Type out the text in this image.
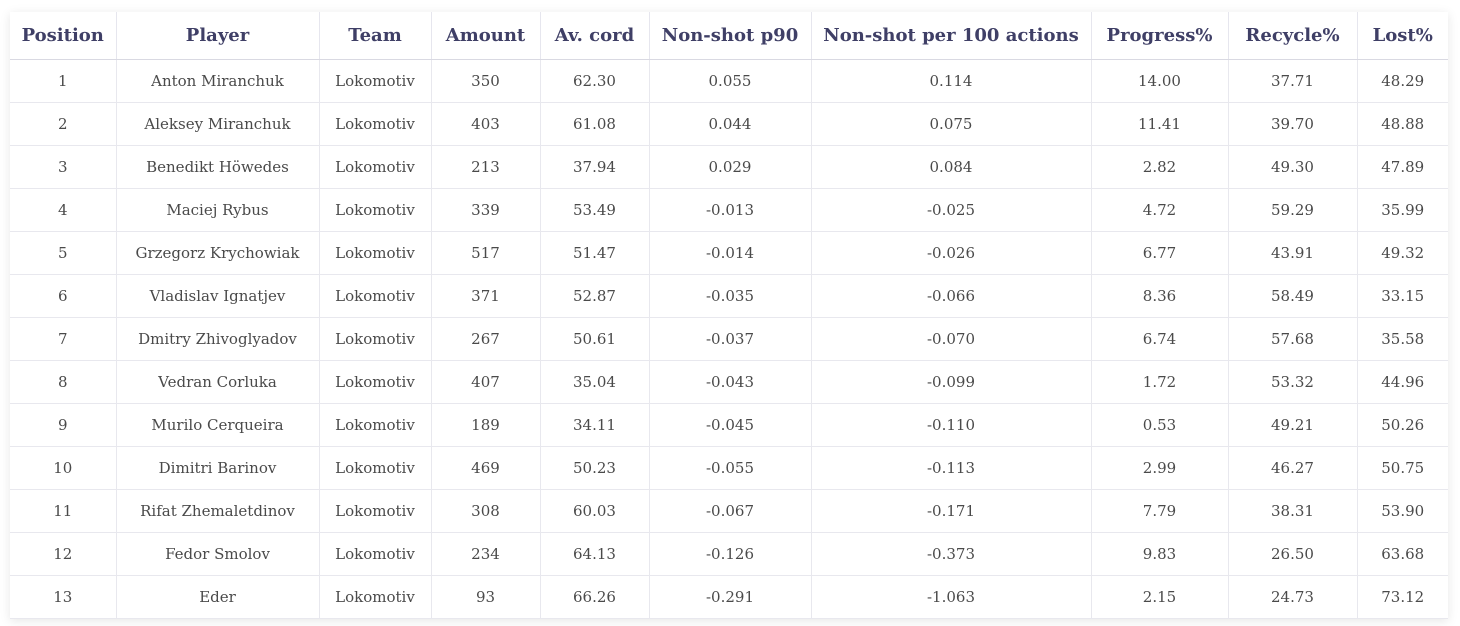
Position	Player	Team	Amount	Av. cord	Non-shot p90	Non-shot per 100 actions	Progress%	Recycle%	Lost%
1	Anton Miranchuk	Lokomotiv	350	62.30	0.055	0.114	14.00	37.71	48.29
2	Aleksey Miranchuk	Lokomotiv	403	61.08	0.044	0.075	11.41	39.70	48.88
3	Benedikt Höwedes	Lokomotiv	213	37.94	0.029	0.084	2.82	49.30	47.89
4	Maciej Rybus	Lokomotiv	339	53.49	-0.013	-0.025	4.72	59.29	35.99
5	Grzegorz Krychowiak	Lokomotiv	517	51.47	-0.014	-0.026	6.77	43.91	49.32
6	Vladislav Ignatjev	Lokomotiv	371	52.87	-0.035	-0.066	8.36	58.49	33.15
7	Dmitry Zhivoglyadov	Lokomotiv	267	50.61	-0.037	-0.070	6.74	57.68	35.58
8	Vedran Corluka	Lokomotiv	407	35.04	-0.043	-0.099	1.72	53.32	44.96
9	Murilo Cerqueira	Lokomotiv	189	34.11	-0.045	-0.110	0.53	49.21	50.26
10	Dimitri Barinov	Lokomotiv	469	50.23	-0.055	-0.113	2.99	46.27	50.75
11	Rifat Zhemaletdinov	Lokomotiv	308	60.03	-0.067	-0.171	7.79	38.31	53.90
12	Fedor Smolov	Lokomotiv	234	64.13	-0.126	-0.373	9.83	26.50	63.68
13	Eder	Lokomotiv	93	66.26	-0.291	-1.063	2.15	24.73	73.12
